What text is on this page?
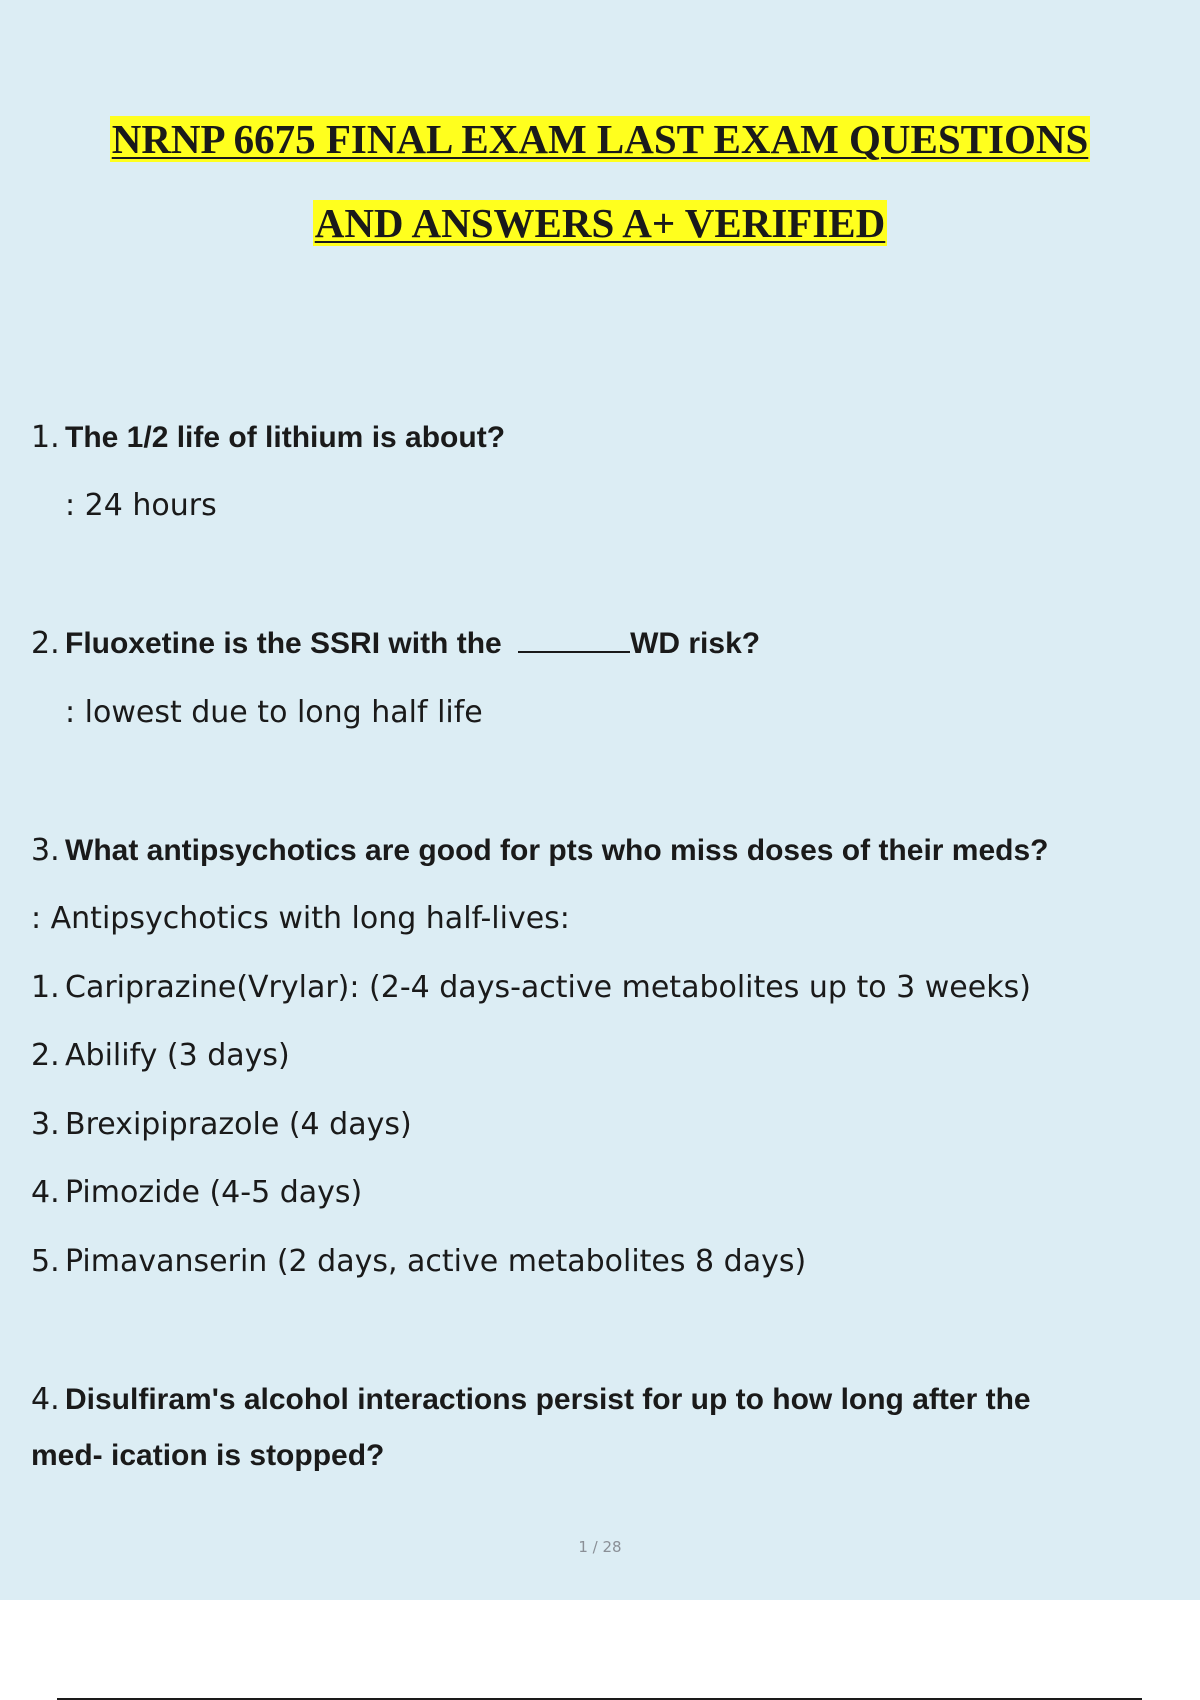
NRNP 6675 FINAL EXAM LAST EXAM QUESTIONS
AND ANSWERS A+ VERIFIED
1. The 1/2 life of lithium is about?
: 24 hours
2. Fluoxetine is the SSRI with the	WD risk?
: lowest due to long half life
3. What antipsychotics are good for pts who miss doses of their meds?
: Antipsychotics with long half-lives:
1. Cariprazine(Vrylar): (2-4 days-active metabolites up to 3 weeks)
2. Abilify (3 days)
3. Brexipiprazole (4 days)
4. Pimozide (4-5 days)
5. Pimavanserin (2 days, active metabolites 8 days)
4. Disulfiram's alcohol interactions persist for up to how long after the
med- ication is stopped?
1 / 28
